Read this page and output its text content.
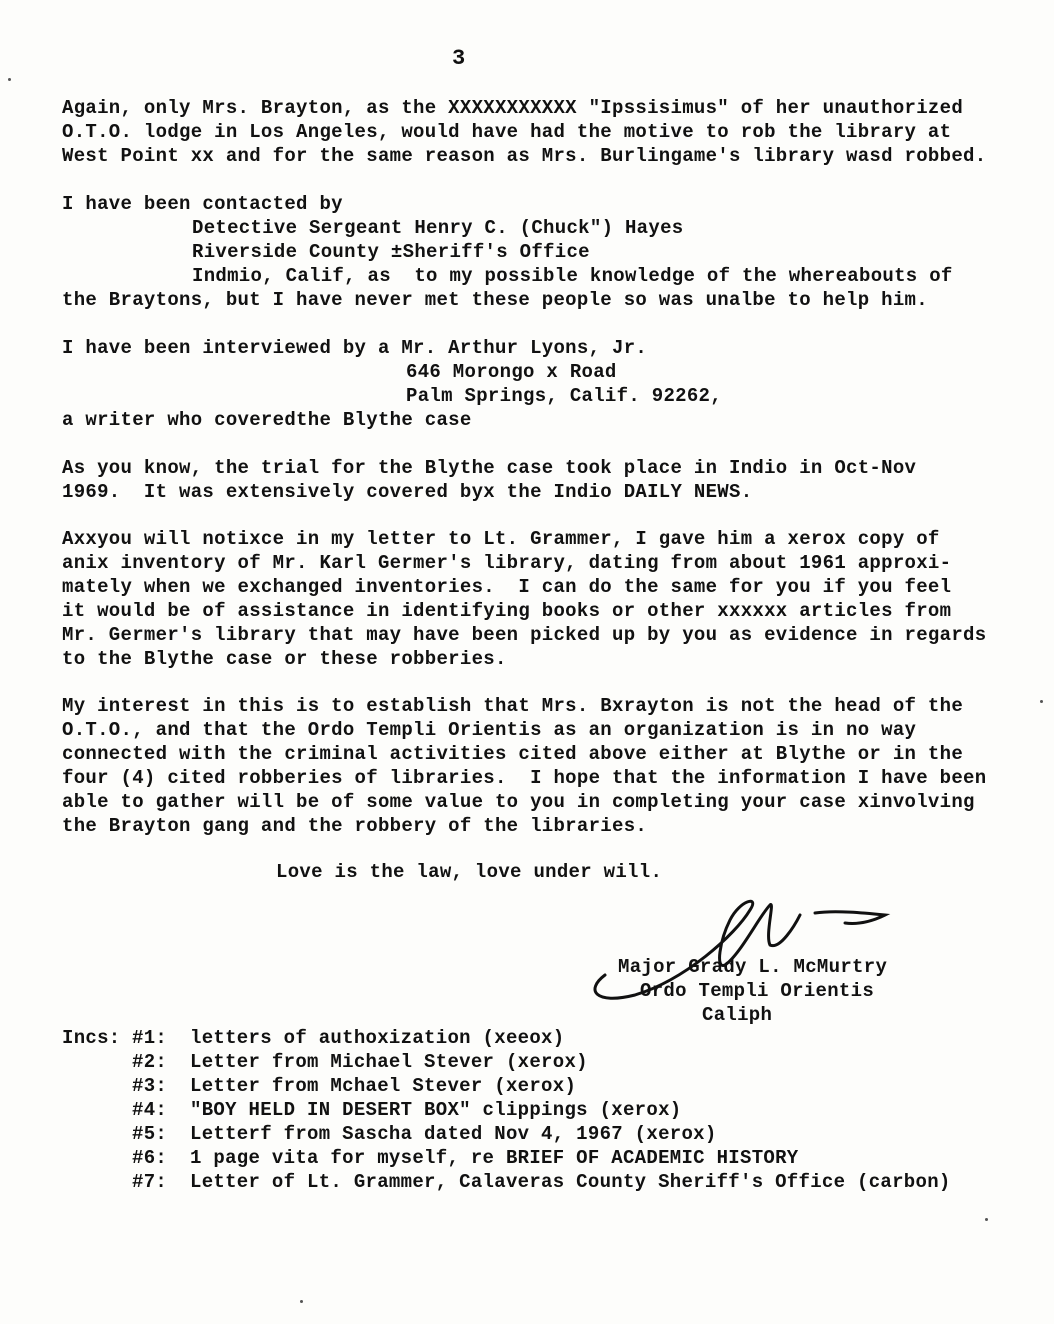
3
Again, only Mrs. Brayton, as the XXXXXXXXXXX "Ipssisimus" of her unauthorized
O.T.O. lodge in Los Angeles, would have had the motive to rob the library at
West Point xx and for the same reason as Mrs. Burlingame's library wasd robbed.
I have been contacted by
Detective Sergeant Henry C. (Chuck") Hayes
Riverside County ±Sheriff's Office
Indmio, Calif, as  to my possible knowledge of the whereabouts of
the Braytons, but I have never met these people so was unalbe to help him.
I have been interviewed by a Mr. Arthur Lyons, Jr.
646 Morongo x Road
Palm Springs, Calif. 92262,
a writer who coveredthe Blythe case
As you know, the trial for the Blythe case took place in Indio in Oct-Nov
1969.  It was extensively covered byx the Indio DAILY NEWS.
Axxyou will notixce in my letter to Lt. Grammer, I gave him a xerox copy of
anix inventory of Mr. Karl Germer's library, dating from about 1961 approxi-
mately when we exchanged inventories.  I can do the same for you if you feel
it would be of assistance in identifying books or other xxxxxx articles from
Mr. Germer's library that may have been picked up by you as evidence in regards
to the Blythe case or these robberies.
My interest in this is to establish that Mrs. Bxrayton is not the head of the
O.T.O., and that the Ordo Templi Orientis as an organization is in no way
connected with the criminal activities cited above either at Blythe or in the
four (4) cited robberies of libraries.  I hope that the information I have been
able to gather will be of some value to you in completing your case xinvolving
the Brayton gang and the robbery of the libraries.
Love is the law, love under will.
Major Grady L. McMurtry
Ordo Templi Orientis
Caliph
Incs: #1: letters of authoxization (xeeox)
#2: Letter from Michael Stever (xerox)
#3: Letter from Mchael Stever (xerox)
#4: "BOY HELD IN DESERT BOX" clippings (xerox)
#5: Letterf from Sascha dated Nov 4, 1967 (xerox)
#6: 1 page vita for myself, re BRIEF OF ACADEMIC HISTORY
#7: Letter of Lt. Grammer, Calaveras County Sheriff's Office (carbon)
